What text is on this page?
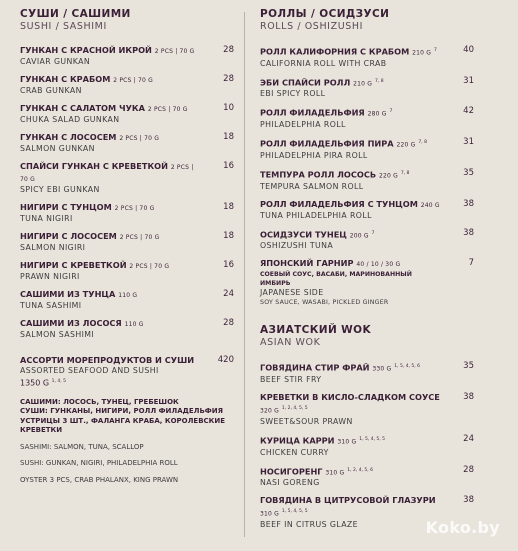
СУШИ / САШИМИ
SUSHI / SASHIMI
ГУНКАН С КРАСНОЙ ИКРОЙ 2 PCS | 70 G
CAVIAR GUNKAN
28
ГУНКАН С КРАБОМ 2 PCS | 70 G
CRAB GUNKAN
28
ГУНКАН С САЛАТОМ ЧУКА 2 PCS | 70 G
CHUKA SALAD GUNKAN
10
ГУНКАН С ЛОСОСЕМ 2 PCS | 70 G
SALMON GUNKAN
18
СПАЙСИ ГУНКАН С КРЕВЕТКОЙ 2 PCS | 70 G
SPICY EBI GUNKAN
16
НИГИРИ С ТУНЦОМ 2 PCS | 70 G
TUNA NIGIRI
18
НИГИРИ С ЛОСОСЕМ 2 PCS | 70 G
SALMON NIGIRI
18
НИГИРИ С КРЕВЕТКОЙ 2 PCS | 70 G
PRAWN NIGIRI
16
САШИМИ ИЗ ТУНЦА 110 G
TUNA SASHIMI
24
САШИМИ ИЗ ЛОСОСЯ 110 G
SALMON SASHIMI
28
АССОРТИ МОРЕПРОДУКТОВ И СУШИ
ASSORTED SEAFOOD AND SUSHI
1350 G $^{1, 4, 5}$
420
САШИМИ: ЛОСОСЬ, ТУНЕЦ, ГРЕБЕШОК
СУШИ: ГУНКАНЫ, НИГИРИ, РОЛЛ ФИЛАДЕЛЬФИЯ
УСТРИЦЫ 3 ШТ., ФАЛАНГА КРАБА, КОРОЛЕВСКИЕ КРЕВЕТКИ
SASHIMI: SALMON, TUNA, SCALLOP
SUSHI: GUNKAN, NIGIRI, PHILADELPHIA ROLL
OYSTER 3 PCS, CRAB PHALANX, KING PRAWN
РОЛЛЫ / ОСИДЗУСИ
ROLLS / OSHIZUSHI
РОЛЛ КАЛИФОРНИЯ С КРАБОМ 210 G $^7$
CALIFORNIA ROLL WITH CRAB
40
ЭБИ СПАЙСИ РОЛЛ 210 G $^{7, 8}$
EBI SPICY ROLL
31
РОЛЛ ФИЛАДЕЛЬФИЯ 280 G $^7$
PHILADELPHIA ROLL
42
РОЛЛ ФИЛАДЕЛЬФИЯ ПИРА 220 G $^{7, 8}$
PHILADELPHIA PIRA ROLL
31
ТЕМПУРА РОЛЛ ЛОСОСЬ 220 G $^{7, 8}$
TEMPURA SALMON ROLL
35
РОЛЛ ФИЛАДЕЛЬФИЯ С ТУНЦОМ 240 G
TUNA PHILADELPHIA ROLL
38
ОСИДЗУСИ ТУНЕЦ 200 G $^7$
OSHIZUSHI TUNA
38
ЯПОНСКИЙ ГАРНИР 40 / 10 / 30 G
СОЕВЫЙ СОУС, ВАСАБИ, МАРИНОВАННЫЙ ИМБИРЬ
JAPANESE SIDE
SOY SAUCE, WASABI, PICKLED GINGER
7
АЗИАТСКИЙ WOK
ASIAN WOK
ГОВЯДИНА СТИР ФРАЙ 330 G $^{1, 5, 4, 5, 6}$
BEEF STIR FRY
35
КРЕВЕТКИ В КИСЛО-СЛАДКОМ СОУСЕ 320 G $^{1, 2, 4, 5, 5}$
SWEET&SOUR PRAWN
38
КУРИЦА КАРРИ 310 G $^{1, 5, 4, 5, 5}$
CHICKEN CURRY
24
НОСИГОРЕНГ 310 G $^{1, 2, 4, 5, 6}$
NASI GORENG
28
ГОВЯДИНА В ЦИТРУСОВОЙ ГЛАЗУРИ 310 G $^{1, 5, 4, 5, 5}$
BEEF IN CITRUS GLAZE
38
Koko.by
